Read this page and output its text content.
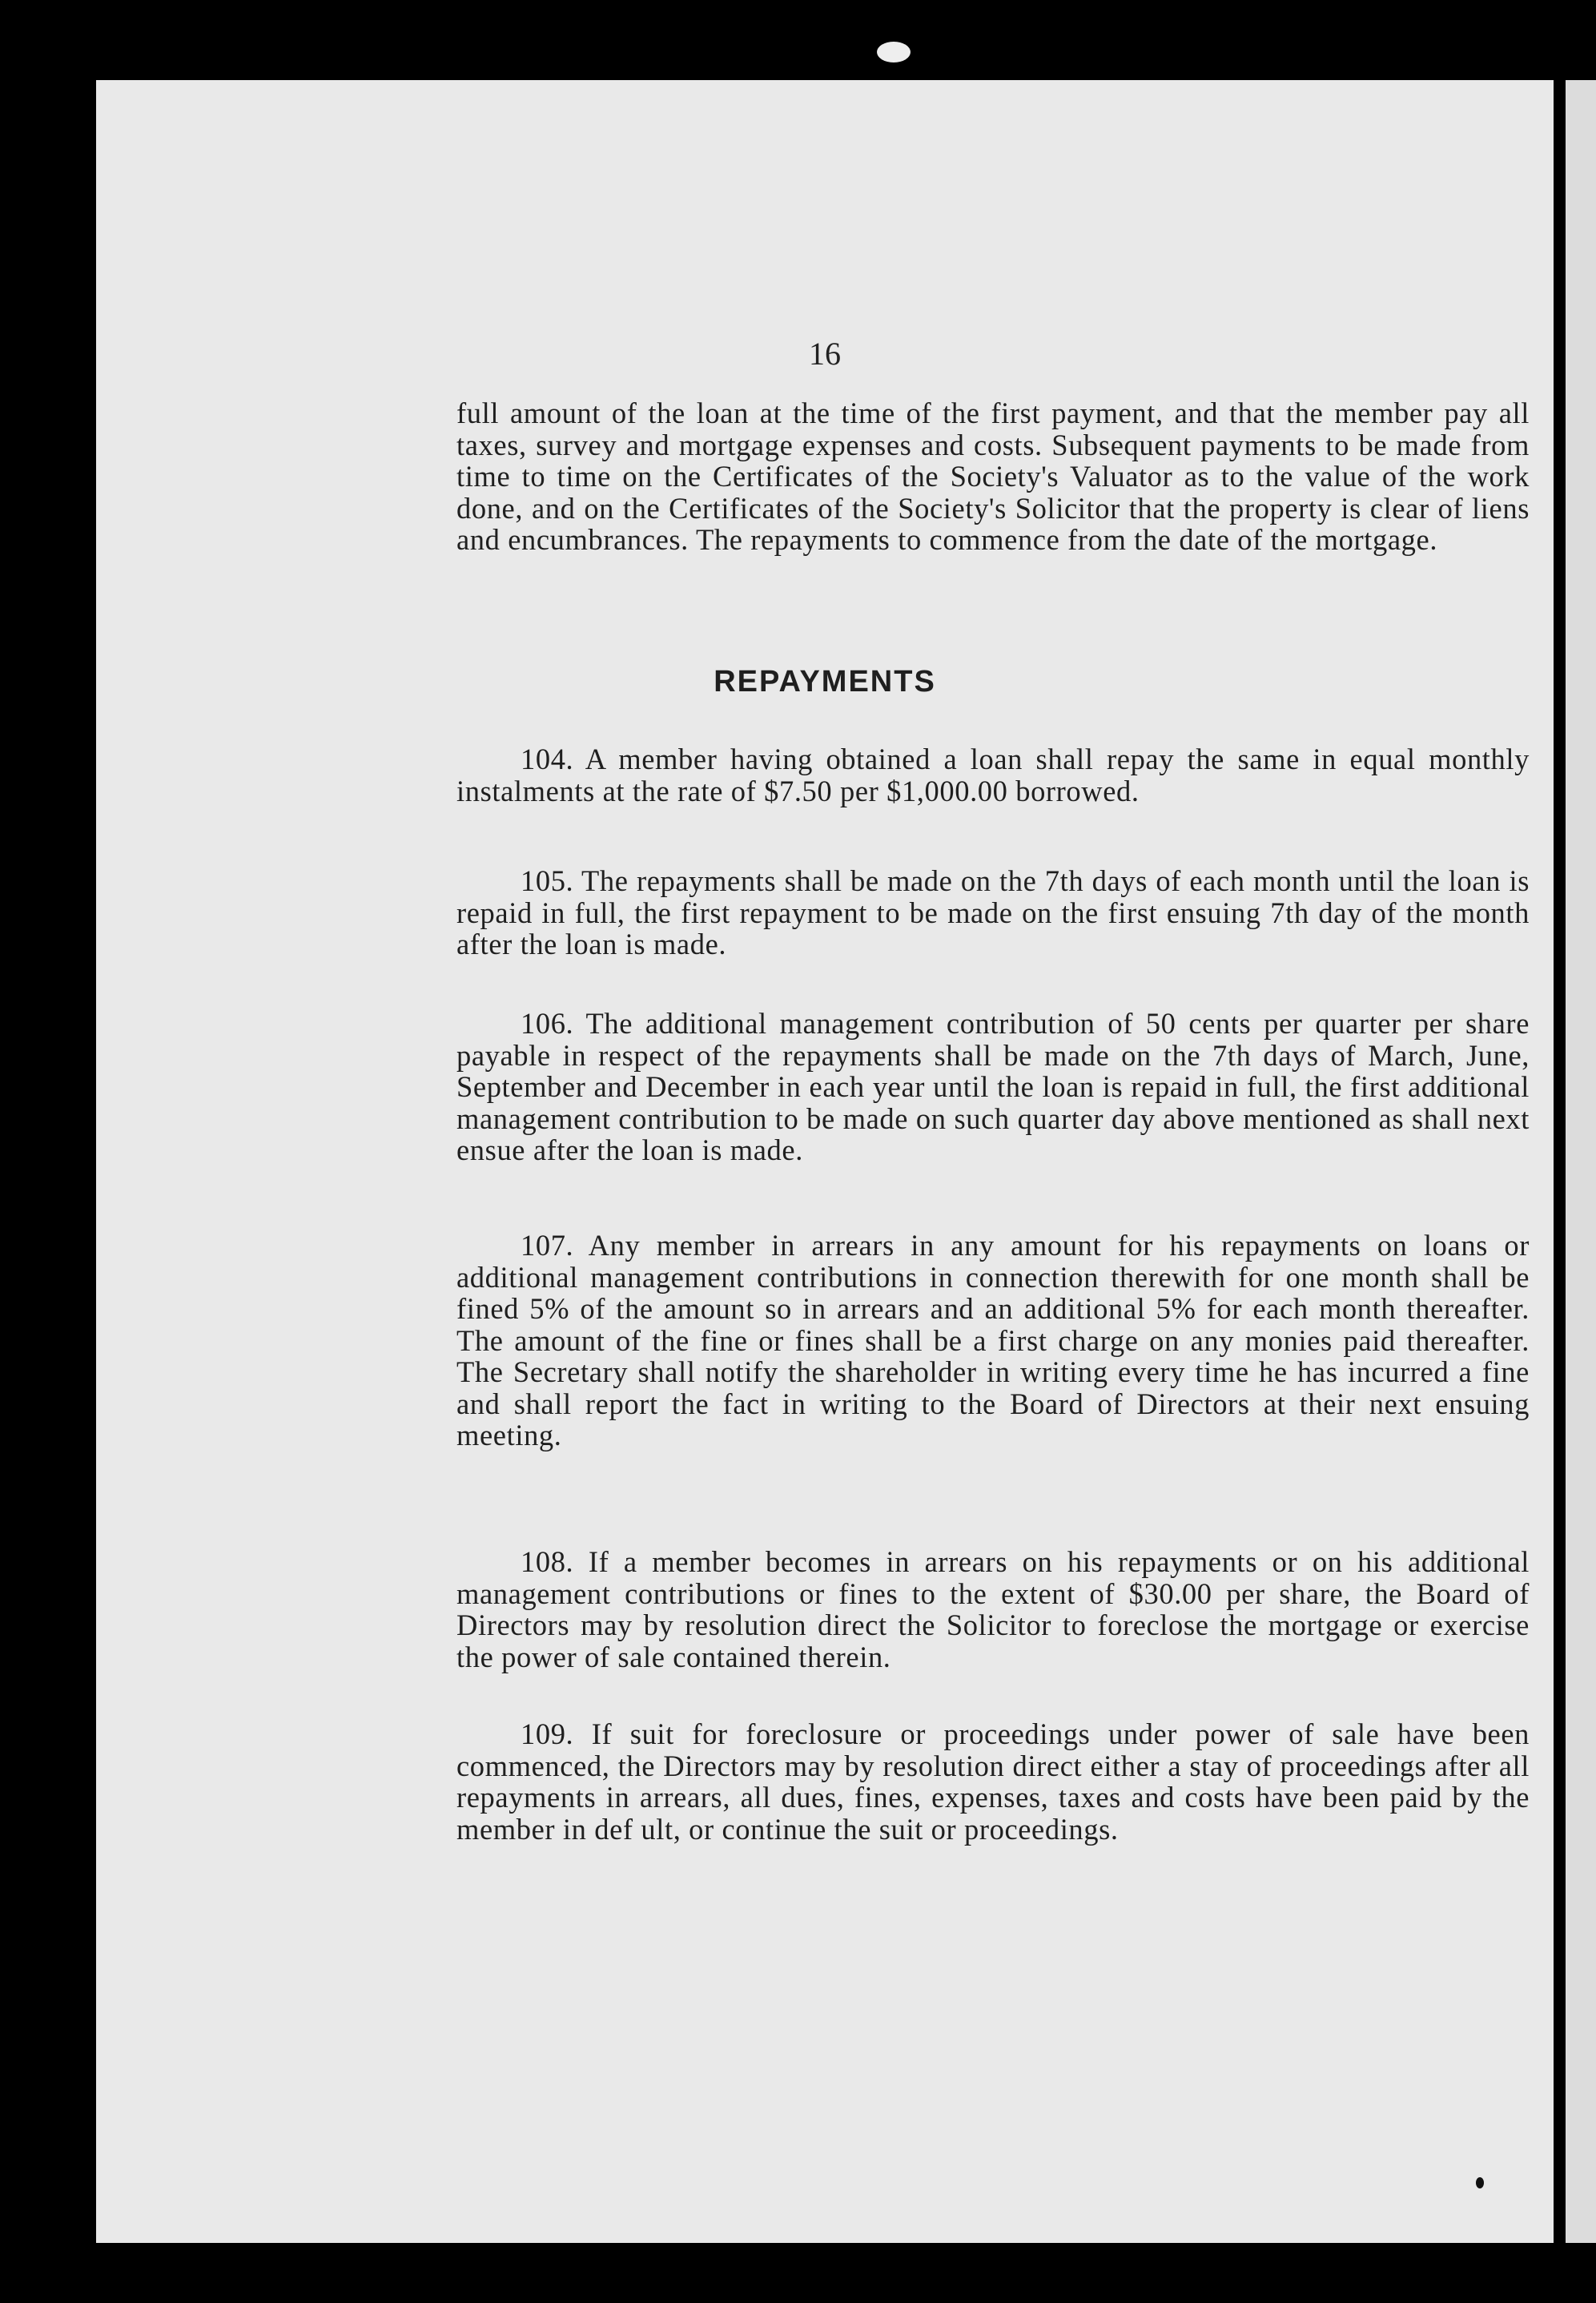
16
full amount of the loan at the time of the first payment, and that the member pay all taxes, survey and mortgage expenses and costs. Subsequent payments to be made from time to time on the Certificates of the Society's Valuator as to the value of the work done, and on the Certificates of the Society's Solicitor that the property is clear of liens and encumbrances. The repayments to commence from the date of the mortgage.
REPAYMENTS

104. A member having obtained a loan shall repay the same in equal monthly instalments at the rate of $7.50 per $1,000.00 borrowed.

105. The repayments shall be made on the 7th days of each month until the loan is repaid in full, the first repayment to be made on the first ensuing 7th day of the month after the loan is made.

106. The additional management contribution of 50 cents per quarter per share payable in respect of the repayments shall be made on the 7th days of March, June, September and December in each year until the loan is repaid in full, the first additional management contribution to be made on such quarter day above mentioned as shall next ensue after the loan is made.

107. Any member in arrears in any amount for his repayments on loans or additional management contributions in connection therewith for one month shall be fined 5% of the amount so in arrears and an additional 5% for each month thereafter. The amount of the fine or fines shall be a first charge on any monies paid thereafter. The Secretary shall notify the shareholder in writing every time he has incurred a fine and shall report the fact in writing to the Board of Directors at their next ensuing meeting.

108. If a member becomes in arrears on his repayments or on his additional management contributions or fines to the extent of $30.00 per share, the Board of Directors may by resolution direct the Solicitor to foreclose the mortgage or exercise the power of sale contained therein.

109. If suit for foreclosure or proceedings under power of sale have been commenced, the Directors may by resolution direct either a stay of proceedings after all repayments in arrears, all dues, fines, expenses, taxes and costs have been paid by the member in def ult, or continue the suit or proceedings.
